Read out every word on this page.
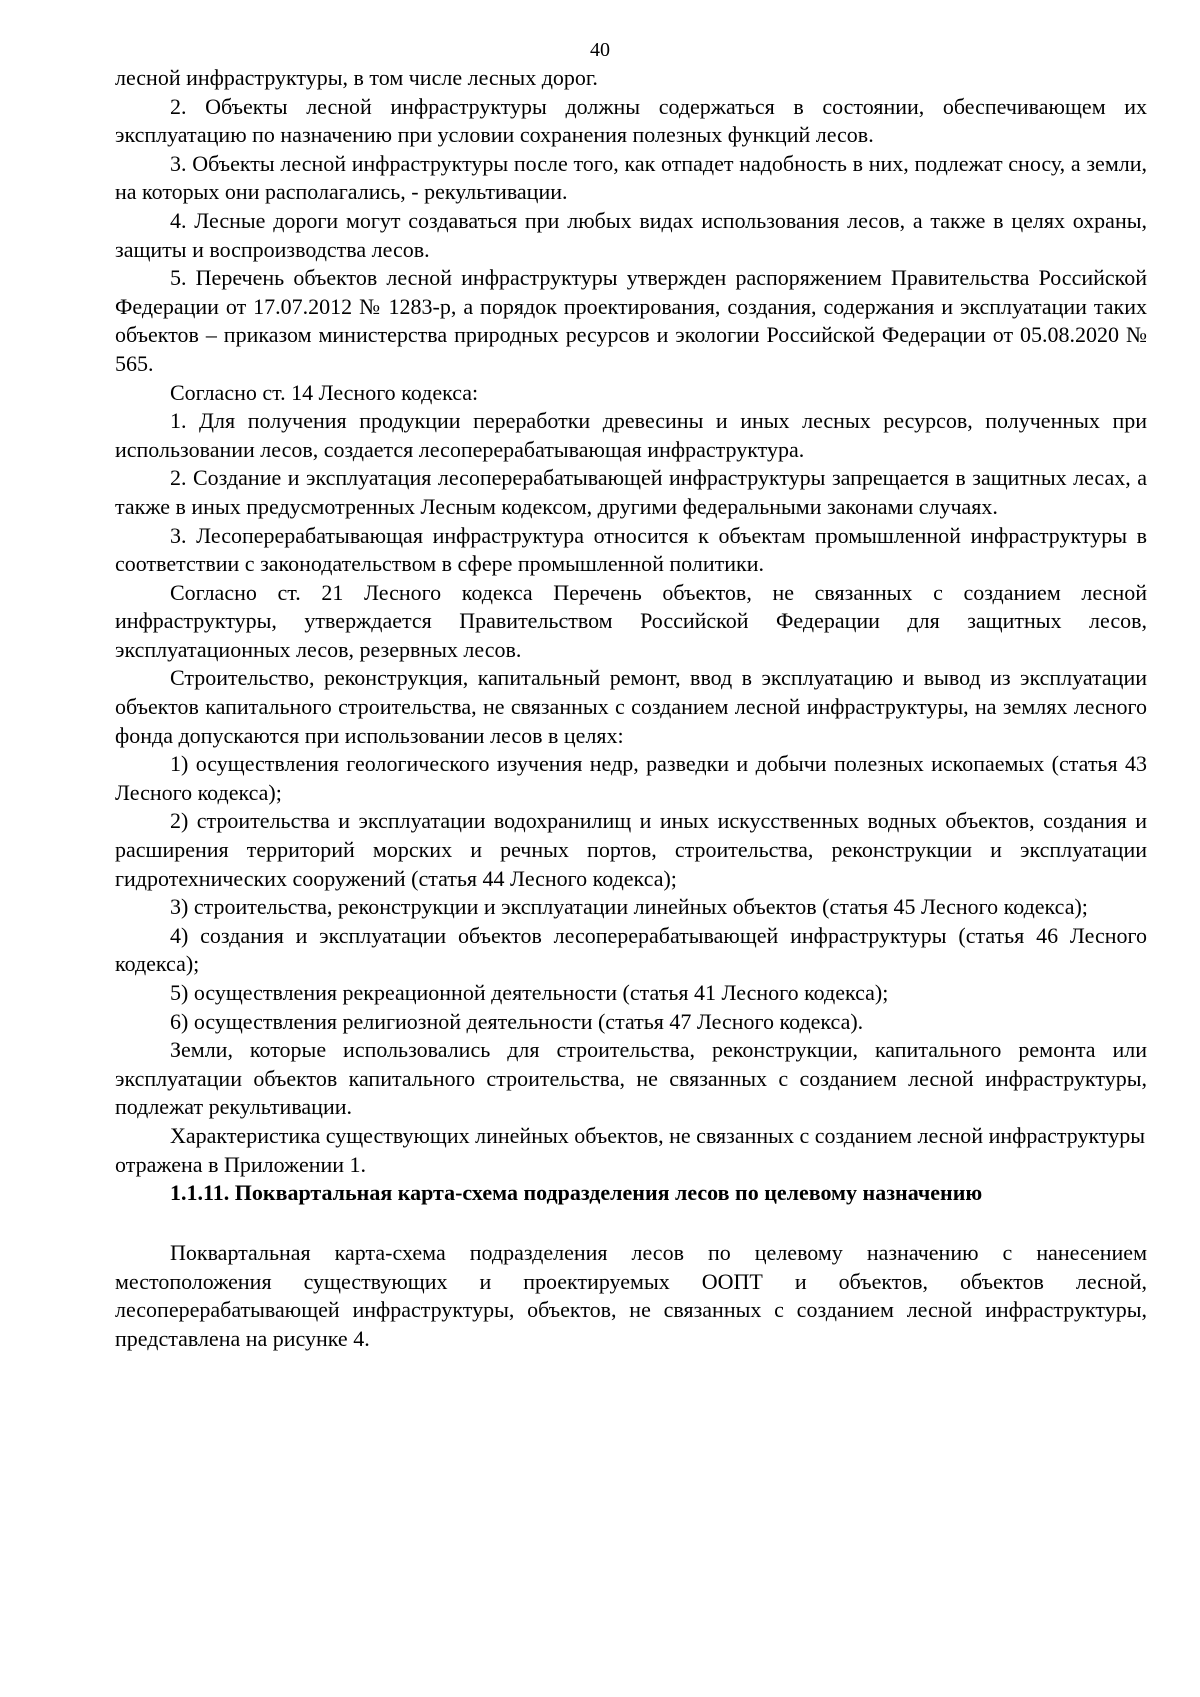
40

лесной инфраструктуры, в том числе лесных дорог.

2. Объекты лесной инфраструктуры должны содержаться в состоянии, обеспечивающем их эксплуатацию по назначению при условии сохранения полезных функций лесов.

3. Объекты лесной инфраструктуры после того, как отпадет надобность в них, подлежат сносу, а земли, на которых они располагались, - рекультивации.

4. Лесные дороги могут создаваться при любых видах использования лесов, а также в целях охраны, защиты и воспроизводства лесов.

5. Перечень объектов лесной инфраструктуры утвержден распоряжением Правительства Российской Федерации от 17.07.2012 № 1283-р, а порядок проектирования, создания, содержания и эксплуатации таких объектов – приказом министерства природных ресурсов и экологии Российской Федерации от 05.08.2020 № 565.

Согласно ст. 14 Лесного кодекса:

1. Для получения продукции переработки древесины и иных лесных ресурсов, полученных при использовании лесов, создается лесоперерабатывающая инфраструктура.

2. Создание и эксплуатация лесоперерабатывающей инфраструктуры запрещается в защитных лесах, а также в иных предусмотренных Лесным кодексом, другими федеральными законами случаях.

3. Лесоперерабатывающая инфраструктура относится к объектам промышленной инфраструктуры в соответствии с законодательством в сфере промышленной политики.

Согласно ст. 21 Лесного кодекса Перечень объектов, не связанных с созданием лесной инфраструктуры, утверждается Правительством Российской Федерации для защитных лесов, эксплуатационных лесов, резервных лесов.

Строительство, реконструкция, капитальный ремонт, ввод в эксплуатацию и вывод из эксплуатации объектов капитального строительства, не связанных с созданием лесной инфраструктуры, на землях лесного фонда допускаются при использовании лесов в целях:

1) осуществления геологического изучения недр, разведки и добычи полезных ископаемых (статья 43 Лесного кодекса);

2) строительства и эксплуатации водохранилищ и иных искусственных водных объектов, создания и расширения территорий морских и речных портов, строительства, реконструкции и эксплуатации гидротехнических сооружений (статья 44 Лесного кодекса);

3) строительства, реконструкции и эксплуатации линейных объектов (статья 45 Лесного кодекса);

4) создания и эксплуатации объектов лесоперерабатывающей инфраструктуры (статья 46 Лесного кодекса);

5) осуществления рекреационной деятельности (статья 41 Лесного кодекса);

6) осуществления религиозной деятельности (статья 47 Лесного кодекса).

Земли, которые использовались для строительства, реконструкции, капитального ремонта или эксплуатации объектов капитального строительства, не связанных с созданием лесной инфраструктуры, подлежат рекультивации.

Характеристика существующих линейных объектов, не связанных с созданием лесной инфраструктуры отражена в Приложении 1.

1.1.11. Поквартальная карта-схема подразделения лесов по целевому назначению

Поквартальная карта-схема подразделения лесов по целевому назначению с нанесением местоположения существующих и проектируемых ООПТ и объектов, объектов лесной, лесоперерабатывающей инфраструктуры, объектов, не связанных с созданием лесной инфраструктуры, представлена на рисунке 4.
